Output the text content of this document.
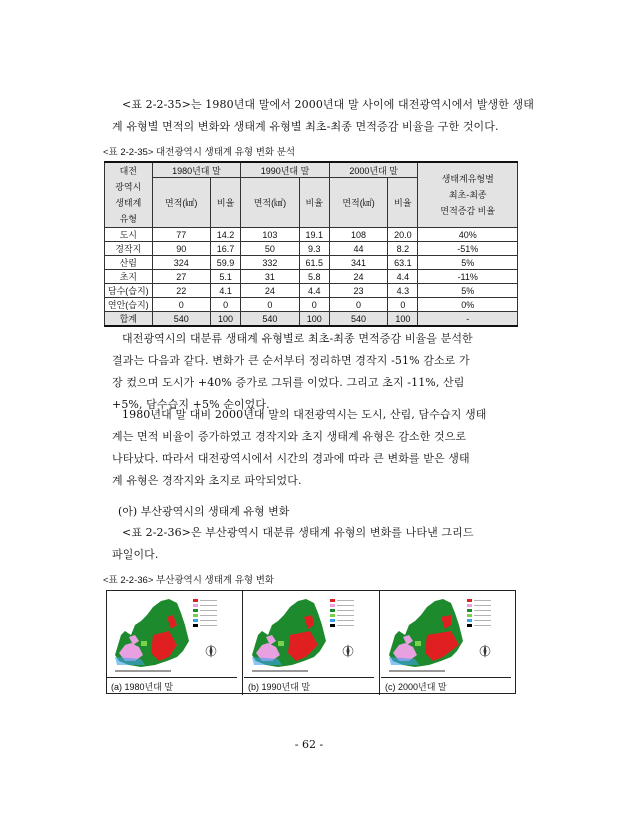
<표 2-2-35>는 1980년대 말에서 2000년대 말 사이에 대전광역시에서 발생한 생태
계 유형별 면적의 변화와 생태계 유형별 최초-최종 면적증감 비율을 구한 것이다.
<표 2-2-35> 대전광역시 생태계 유형 변화 분석
대전
광역시
생태계
유형	1980년대 말		1990년대 말		2000년대 말		생태계유형별
최초-최종
면적증감 비율
	면적(㎢)	비율	면적(㎢)	비율	면적(㎢)	비율	
도시	77	14.2	103	19.1	108	20.0	40%
경작지	90	16.7	50	9.3	44	8.2	-51%
산림	324	59.9	332	61.5	341	63.1	5%
초지	27	5.1	31	5.8	24	4.4	-11%
담수(습지)	22	4.1	24	4.4	23	4.3	5%
연안(습지)	0	0	0	0	0	0	0%
합계	540	100	540	100	540	100	-
대전광역시의 대분류 생태계 유형별로 최초-최종 면적증감 비율을 분석한
결과는 다음과 같다. 변화가 큰 순서부터 정리하면 경작지 -51% 감소로 가
장 컸으며 도시가 +40% 증가로 그뒤를 이었다. 그리고 초지 -11%, 산림
+5%, 담수습지 +5% 순이었다.
1980년대 말 대비 2000년대 말의 대전광역시는 도시, 산림, 담수습지 생태
계는 면적 비율이 증가하였고 경작지와 초지 생태계 유형은 감소한 것으로
나타났다. 따라서 대전광역시에서 시간의 경과에 따라 큰 변화를 받은 생태
계 유형은 경작지와 초지로 파악되었다.
(아) 부산광역시의 생태계 유형 변화
<표 2-2-36>은 부산광역시 대분류 생태계 유형의 변화를 나타낸 그리드
파일이다.
<표 2-2-36> 부산광역시 생태계 유형 변화
(a) 1980년대 말	(b) 1990년대 말	(c) 2000년대 말
- 62 -
